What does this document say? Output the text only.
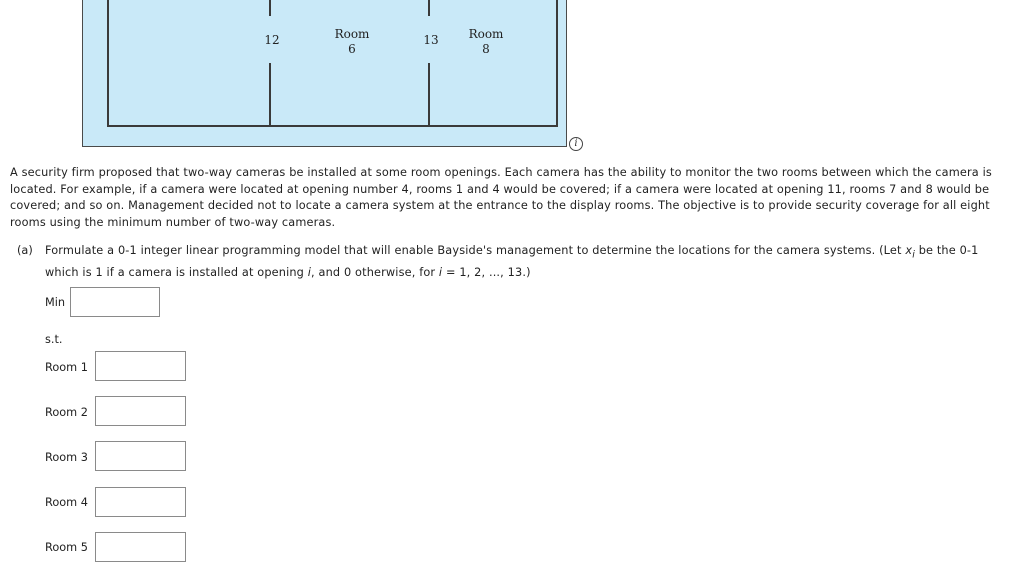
12	Room
6
13	Room
8
i

A security firm proposed that two-way cameras be installed at some room openings. Each camera has the ability to monitor the two rooms between which the camera is located. For example, if a camera were located at opening number 4, rooms 1 and 4 would be covered; if a camera were located at opening 11, rooms 7 and 8 would be covered; and so on. Management decided not to locate a camera system at the entrance to the display rooms. The objective is to provide security coverage for all eight rooms using the minimum number of two-way cameras.

(a) Formulate a 0-1 integer linear programming model that will enable Bayside's management to determine the locations for the camera systems. (Let $x_i$ be the 0-1 which is 1 if a camera is installed at opening i, and 0 otherwise, for i = 1, 2, ..., 13.)
Min
s.t.
Room 1
Room 2
Room 3
Room 4
Room 5
